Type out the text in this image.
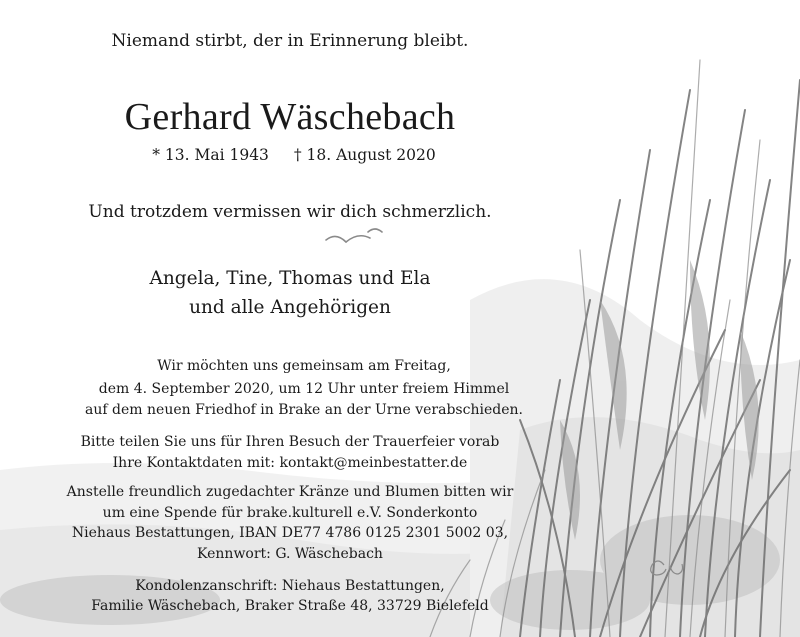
Niemand stirbt, der in Erinnerung bleibt.
Gerhard Wäschebach
* 13. Mai 1943 † 18. August 2020
Und trotzdem vermissen wir dich schmerzlich.
Angela, Tine, Thomas und Ela
und alle Angehörigen
Wir möchten uns gemeinsam am Freitag,
dem 4. September 2020, um 12 Uhr unter freiem Himmel
auf dem neuen Friedhof in Brake an der Urne verabschieden.
Bitte teilen Sie uns für Ihren Besuch der Trauerfeier vorab
Ihre Kontaktdaten mit: kontakt@meinbestatter.de
Anstelle freundlich zugedachter Kränze und Blumen bitten wir
um eine Spende für brake.kulturell e.V. Sonderkonto
Niehaus Bestattungen, IBAN DE77 4786 0125 2301 5002 03,
Kennwort: G. Wäschebach
Kondolenzanschrift: Niehaus Bestattungen,
Familie Wäschebach, Braker Straße 48, 33729 Bielefeld
